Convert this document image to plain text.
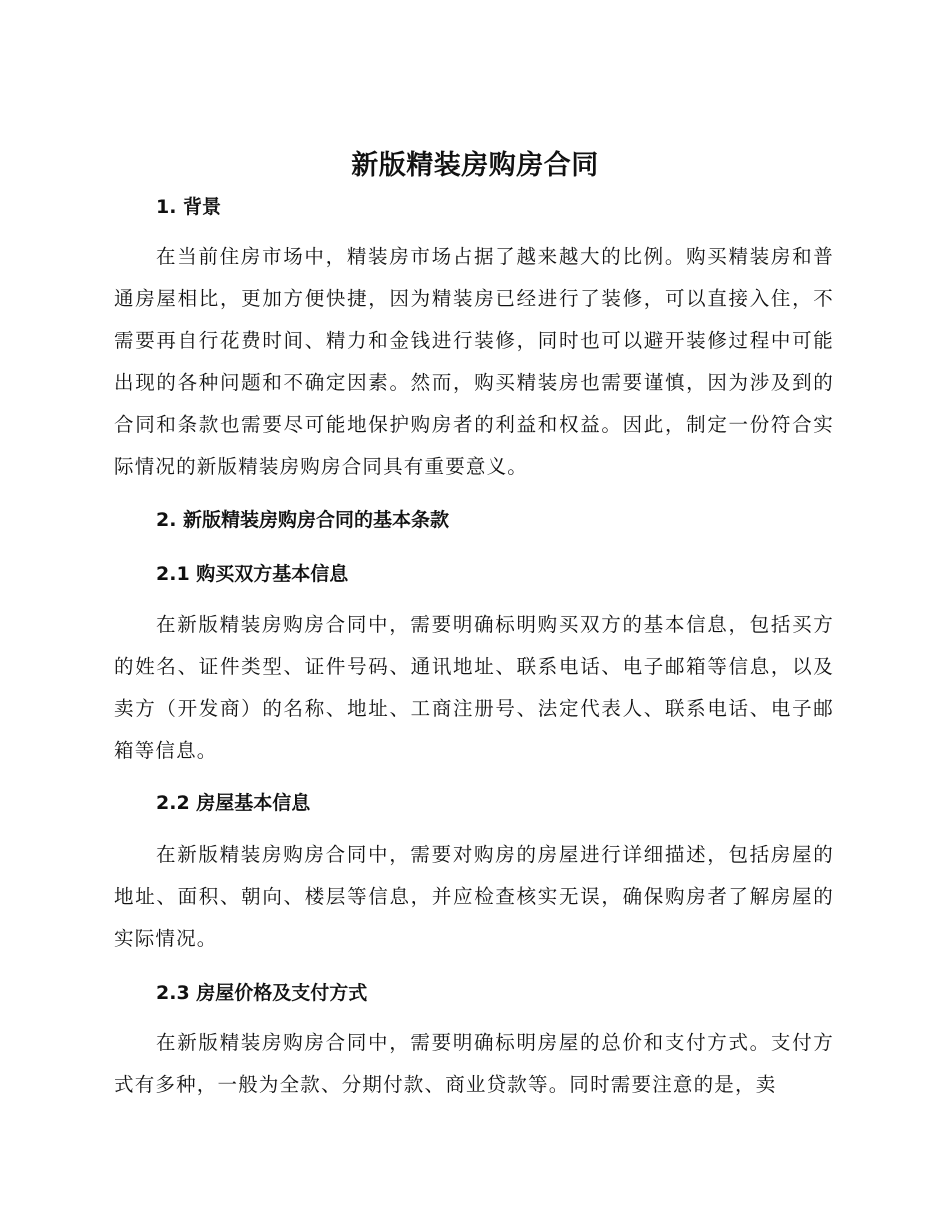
新版精装房购房合同
1. 背景
在当前住房市场中，精装房市场占据了越来越大的比例。购买精装房和普通房屋相比，更加方便快捷，因为精装房已经进行了装修，可以直接入住，不需要再自行花费时间、精力和金钱进行装修，同时也可以避开装修过程中可能出现的各种问题和不确定因素。然而，购买精装房也需要谨慎，因为涉及到的合同和条款也需要尽可能地保护购房者的利益和权益。因此，制定一份符合实际情况的新版精装房购房合同具有重要意义。
2. 新版精装房购房合同的基本条款
2.1 购买双方基本信息
在新版精装房购房合同中，需要明确标明购买双方的基本信息，包括买方的姓名、证件类型、证件号码、通讯地址、联系电话、电子邮箱等信息，以及卖方（开发商）的名称、地址、工商注册号、法定代表人、联系电话、电子邮箱等信息。
2.2 房屋基本信息
在新版精装房购房合同中，需要对购房的房屋进行详细描述，包括房屋的地址、面积、朝向、楼层等信息，并应检查核实无误，确保购房者了解房屋的实际情况。
2.3 房屋价格及支付方式
在新版精装房购房合同中，需要明确标明房屋的总价和支付方式。支付方式有多种，一般为全款、分期付款、商业贷款等。同时需要注意的是，卖
